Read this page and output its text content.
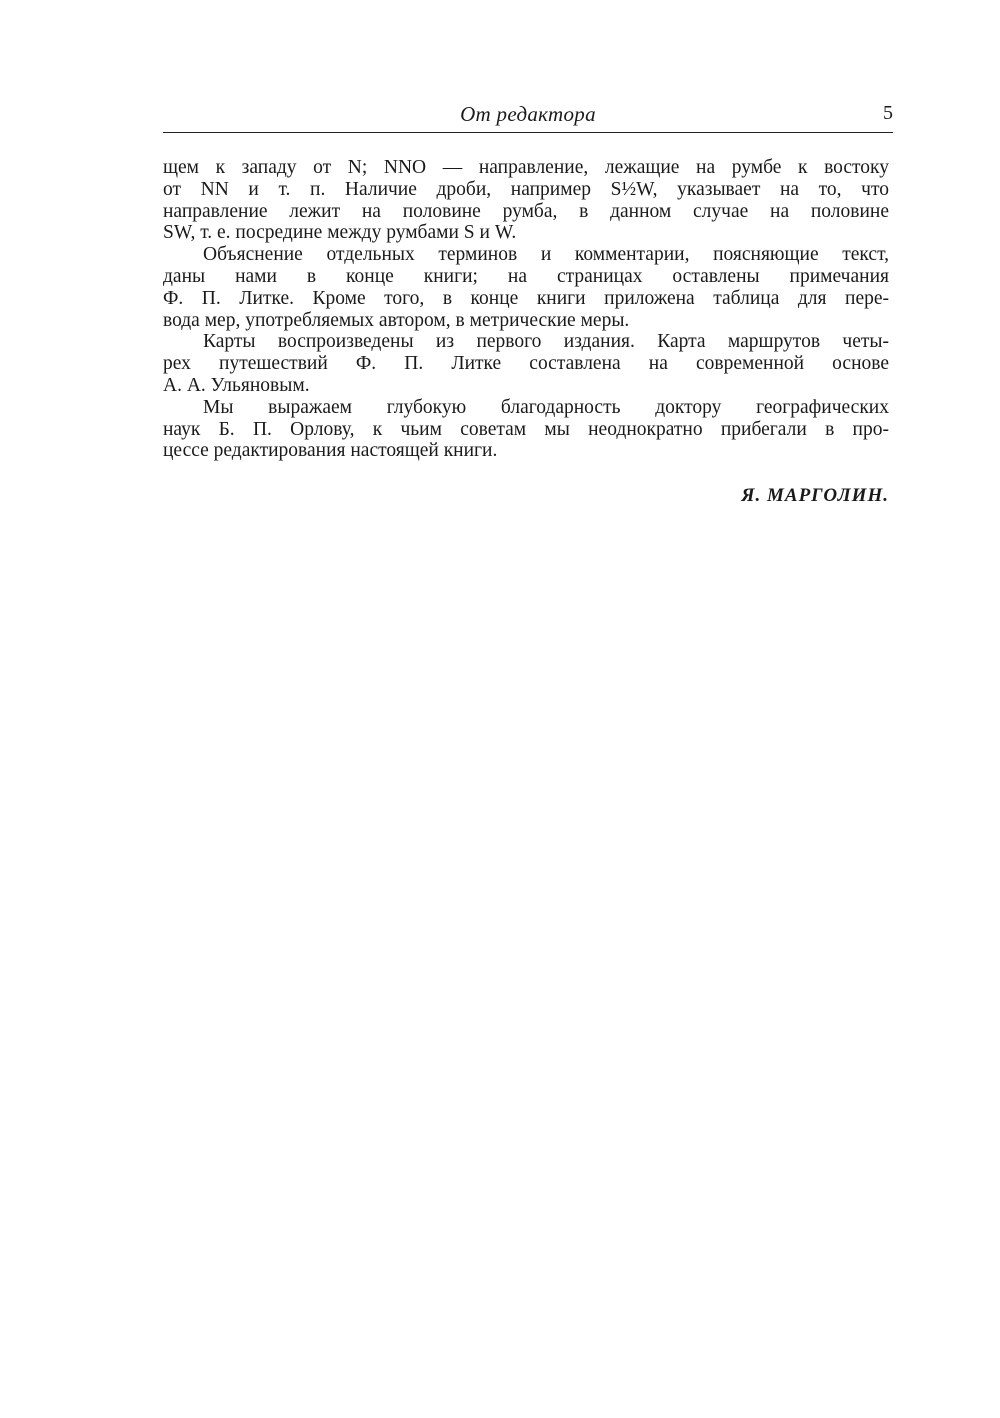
От редактора	5
щем к западу от N; NNO — направление, лежащие на румбе к востоку
от NN и т. п. Наличие дроби, например S½W, указывает на то, что
направление лежит на половине румба, в данном случае на половине
SW, т. е. посредине между румбами S и W.
Объяснение отдельных терминов и комментарии, поясняющие текст,
даны нами в конце книги; на страницах оставлены примечания
Ф. П. Литке. Кроме того, в конце книги приложена таблица для пере-
вода мер, употребляемых автором, в метрические меры.
Карты воспроизведены из первого издания. Карта маршрутов четы-
рех путешествий Ф. П. Литке составлена на современной основе
А. А. Ульяновым.
Мы выражаем глубокую благодарность доктору географических
наук Б. П. Орлову, к чьим советам мы неоднократно прибегали в про-
цессе редактирования настоящей книги.
Я. МАРГОЛИН.
